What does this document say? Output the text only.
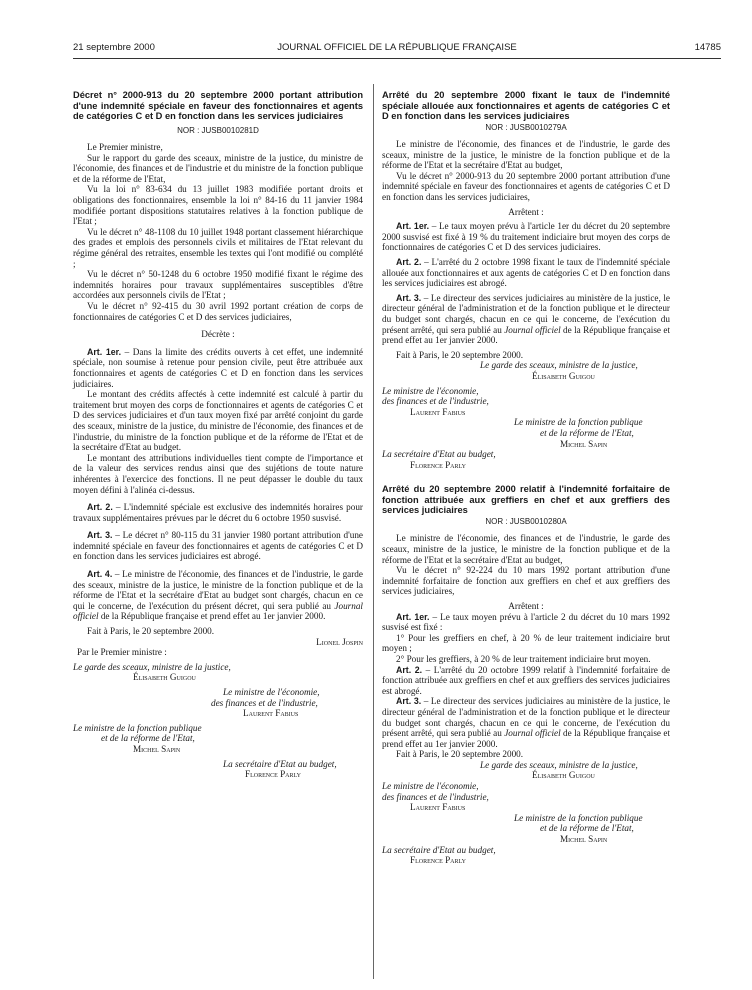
21 septembre 2000	JOURNAL OFFICIEL DE LA RÉPUBLIQUE FRANÇAISE	14785
Décret n° 2000-913 du 20 septembre 2000 portant attribution d'une indemnité spéciale en faveur des fonctionnaires et agents de catégories C et D en fonction dans les services judiciaires
NOR : JUSB0010281D

Le Premier ministre,

Sur le rapport du garde des sceaux, ministre de la justice, du ministre de l'économie, des finances et de l'industrie et du ministre de la fonction publique et de la réforme de l'Etat,

Vu la loi n° 83-634 du 13 juillet 1983 modifiée portant droits et obligations des fonctionnaires, ensemble la loi n° 84-16 du 11 janvier 1984 modifiée portant dispositions statutaires relatives à la fonction publique de l'Etat ;

Vu le décret n° 48-1108 du 10 juillet 1948 portant classement hiérarchique des grades et emplois des personnels civils et militaires de l'Etat relevant du régime général des retraites, ensemble les textes qui l'ont modifié ou complété ;

Vu le décret n° 50-1248 du 6 octobre 1950 modifié fixant le régime des indemnités horaires pour travaux supplémentaires susceptibles d'être accordées aux personnels civils de l'Etat ;

Vu le décret n° 92-415 du 30 avril 1992 portant création de corps de fonctionnaires de catégories C et D des services judiciaires,

Décrète :

Art. 1er. – Dans la limite des crédits ouverts à cet effet, une indemnité spéciale, non soumise à retenue pour pension civile, peut être attribuée aux fonctionnaires et agents de catégories C et D en fonction dans les services judiciaires.

Le montant des crédits affectés à cette indemnité est calculé à partir du traitement brut moyen des corps de fonctionnaires et agents de catégories C et D des services judiciaires et d'un taux moyen fixé par arrêté conjoint du garde des sceaux, ministre de la justice, du ministre de l'économie, des finances et de l'industrie, du ministre de la fonction publique et de la réforme de l'Etat et de la secrétaire d'Etat au budget.

Le montant des attributions individuelles tient compte de l'importance et de la valeur des services rendus ainsi que des sujétions de toute nature inhérentes à l'exercice des fonctions. Il ne peut dépasser le double du taux moyen défini à l'alinéa ci-dessus.

Art. 2. – L'indemnité spéciale est exclusive des indemnités horaires pour travaux supplémentaires prévues par le décret du 6 octobre 1950 susvisé.

Art. 3. – Le décret n° 80-115 du 31 janvier 1980 portant attribution d'une indemnité spéciale en faveur des fonctionnaires et agents de catégories C et D en fonction dans les services judiciaires est abrogé.

Art. 4. – Le ministre de l'économie, des finances et de l'industrie, le garde des sceaux, ministre de la justice, le ministre de la fonction publique et de la réforme de l'Etat et la secrétaire d'Etat au budget sont chargés, chacun en ce qui le concerne, de l'exécution du présent décret, qui sera publié au Journal officiel de la République française et prend effet au 1er janvier 2000.

Fait à Paris, le 20 septembre 2000.

Lionel Jospin

Par le Premier ministre :

Le garde des sceaux, ministre de la justice,

Élisabeth Guigou

Le ministre de l'économie,

des finances et de l'industrie,

Laurent Fabius

Le ministre de la fonction publique

et de la réforme de l'Etat,

Michel Sapin

La secrétaire d'Etat au budget,

Florence Parly

Arrêté du 20 septembre 2000 fixant le taux de l'indemnité spéciale allouée aux fonctionnaires et agents de catégories C et D en fonction dans les services judiciaires
NOR : JUSB0010279A

Le ministre de l'économie, des finances et de l'industrie, le garde des sceaux, ministre de la justice, le ministre de la fonction publique et de la réforme de l'Etat et la secrétaire d'Etat au budget,

Vu le décret n° 2000-913 du 20 septembre 2000 portant attribution d'une indemnité spéciale en faveur des fonctionnaires et agents de catégories C et D en fonction dans les services judiciaires,

Arrêtent :

Art. 1er. – Le taux moyen prévu à l'article 1er du décret du 20 septembre 2000 susvisé est fixé à 19 % du traitement indiciaire brut moyen des corps de fonctionnaires de catégories C et D des services judiciaires.

Art. 2. – L'arrêté du 2 octobre 1998 fixant le taux de l'indemnité spéciale allouée aux fonctionnaires et aux agents de catégories C et D en fonction dans les services judiciaires est abrogé.

Art. 3. – Le directeur des services judiciaires au ministère de la justice, le directeur général de l'administration et de la fonction publique et le directeur du budget sont chargés, chacun en ce qui le concerne, de l'exécution du présent arrêté, qui sera publié au Journal officiel de la République française et prend effet au 1er janvier 2000.

Fait à Paris, le 20 septembre 2000.

Le garde des sceaux, ministre de la justice,

Élisabeth Guigou

Le ministre de l'économie,

des finances et de l'industrie,

Laurent Fabius

Le ministre de la fonction publique

et de la réforme de l'Etat,

Michel Sapin

La secrétaire d'Etat au budget,

Florence Parly

Arrêté du 20 septembre 2000 relatif à l'indemnité forfaitaire de fonction attribuée aux greffiers en chef et aux greffiers des services judiciaires
NOR : JUSB0010280A

Le ministre de l'économie, des finances et de l'industrie, le garde des sceaux, ministre de la justice, le ministre de la fonction publique et de la réforme de l'Etat et la secrétaire d'Etat au budget,

Vu le décret n° 92-224 du 10 mars 1992 portant attribution d'une indemnité forfaitaire de fonction aux greffiers en chef et aux greffiers des services judiciaires,

Arrêtent :

Art. 1er. – Le taux moyen prévu à l'article 2 du décret du 10 mars 1992 susvisé est fixé :

1° Pour les greffiers en chef, à 20 % de leur traitement indiciaire brut moyen ;

2° Pour les greffiers, à 20 % de leur traitement indiciaire brut moyen.

Art. 2. – L'arrêté du 20 octobre 1999 relatif à l'indemnité forfaitaire de fonction attribuée aux greffiers en chef et aux greffiers des services judiciaires est abrogé.

Art. 3. – Le directeur des services judiciaires au ministère de la justice, le directeur général de l'administration et de la fonction publique et le directeur du budget sont chargés, chacun en ce qui le concerne, de l'exécution du présent arrêté, qui sera publié au Journal officiel de la République française et prend effet au 1er janvier 2000.

Fait à Paris, le 20 septembre 2000.

Le garde des sceaux, ministre de la justice,

Élisabeth Guigou

Le ministre de l'économie,

des finances et de l'industrie,

Laurent Fabius

Le ministre de la fonction publique

et de la réforme de l'Etat,

Michel Sapin

La secrétaire d'Etat au budget,

Florence Parly
